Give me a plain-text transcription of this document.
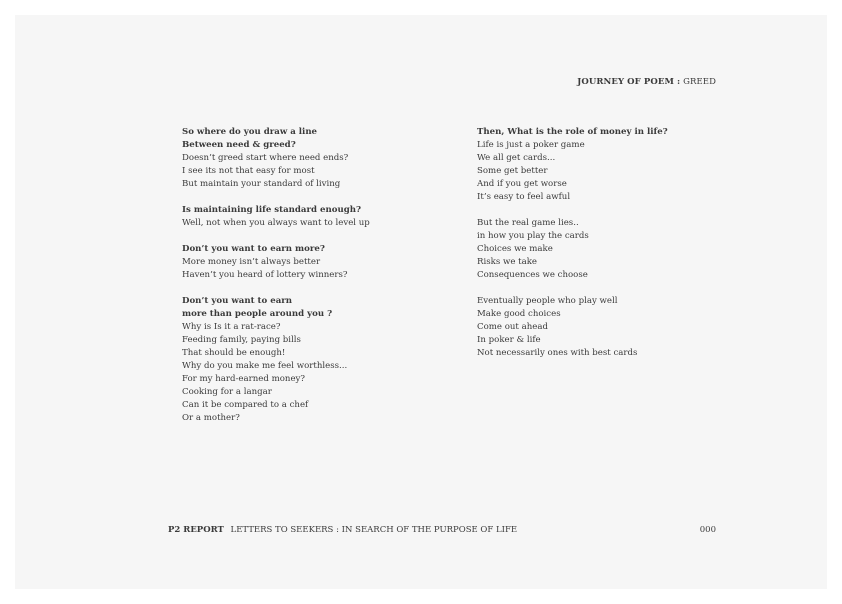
JOURNEY OF POEM : GREED
So where do you draw a line
Between need & greed?
Doesn’t greed start where need ends?
I see its not that easy for most
But maintain your standard of living
Is maintaining life standard enough?
Well, not when you always want to level up
Don’t you want to earn more?
More money isn’t always better
Haven’t you heard of lottery winners?
Don’t you want to earn
more than people around you ?
Why is Is it a rat-race?
Feeding family, paying bills
That should be enough!
Why do you make me feel worthless...
For my hard-earned money?
Cooking for a langar
Can it be compared to a chef
Or a mother?
Then, What is the role of money in life?
Life is just a poker game
We all get cards...
Some get better
And if you get worse
It’s easy to feel awful
But the real game lies..
in how you play the cards
Choices we make
Risks we take
Consequences we choose
Eventually people who play well
Make good choices
Come out ahead
In poker & life
Not necessarily ones with best cards
P2 REPORT LETTERS TO SEEKERS : IN SEARCH OF THE PURPOSE OF LIFE	000
